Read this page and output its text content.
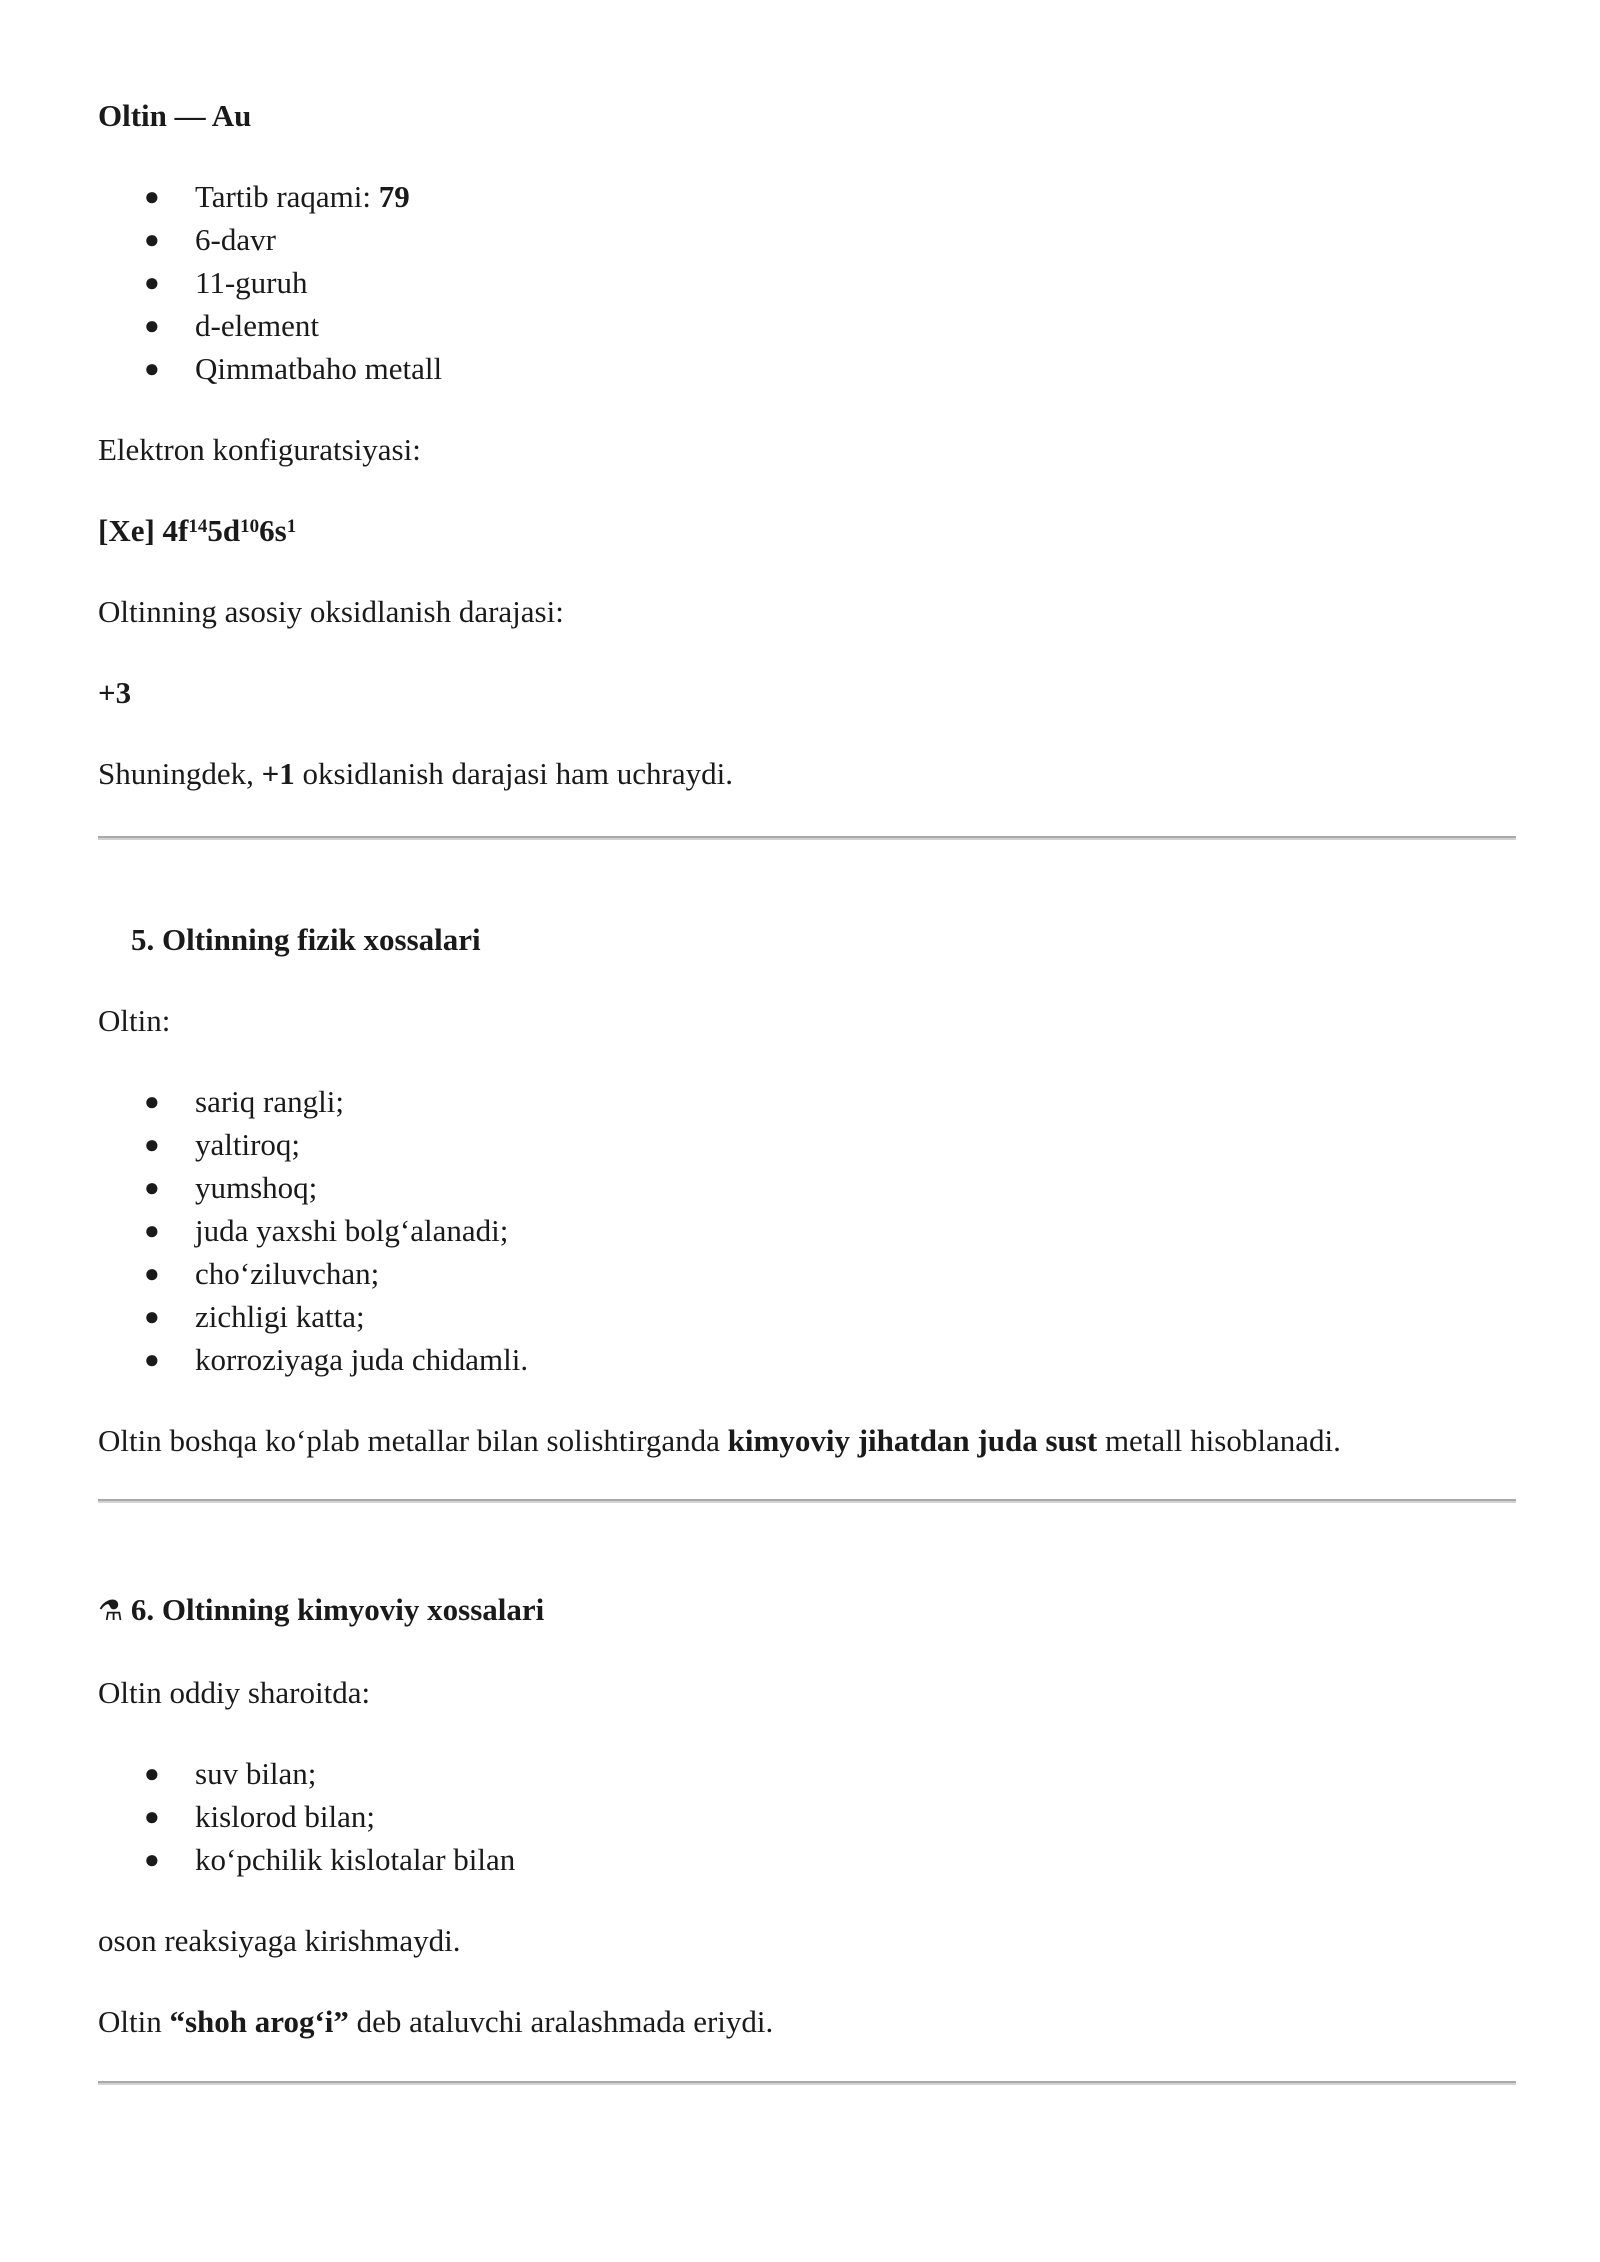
Oltin — Au
● Tartib raqami: 79
● 6-davr
● 11-guruh
● d-element
● Qimmatbaho metall
Elektron konfiguratsiyasi:
[Xe] $4f^{14}5d^{10}6s^1$
Oltinning asosiy oksidlanish darajasi:
+3
Shuningdek, +1 oksidlanish darajasi ham uchraydi.
5. Oltinning fizik xossalari
Oltin:
● sariq rangli;
● yaltiroq;
● yumshoq;
● juda yaxshi bolg‘alanadi;
● cho‘ziluvchan;
● zichligi katta;
● korroziyaga juda chidamli.
Oltin boshqa ko‘plab metallar bilan solishtirganda kimyoviy jihatdan juda sust metall hisoblanadi.
⚗ 6. Oltinning kimyoviy xossalari
Oltin oddiy sharoitda:
● suv bilan;
● kislorod bilan;
● ko‘pchilik kislotalar bilan
oson reaksiyaga kirishmaydi.
Oltin “shoh arog‘i” deb ataluvchi aralashmada eriydi.
